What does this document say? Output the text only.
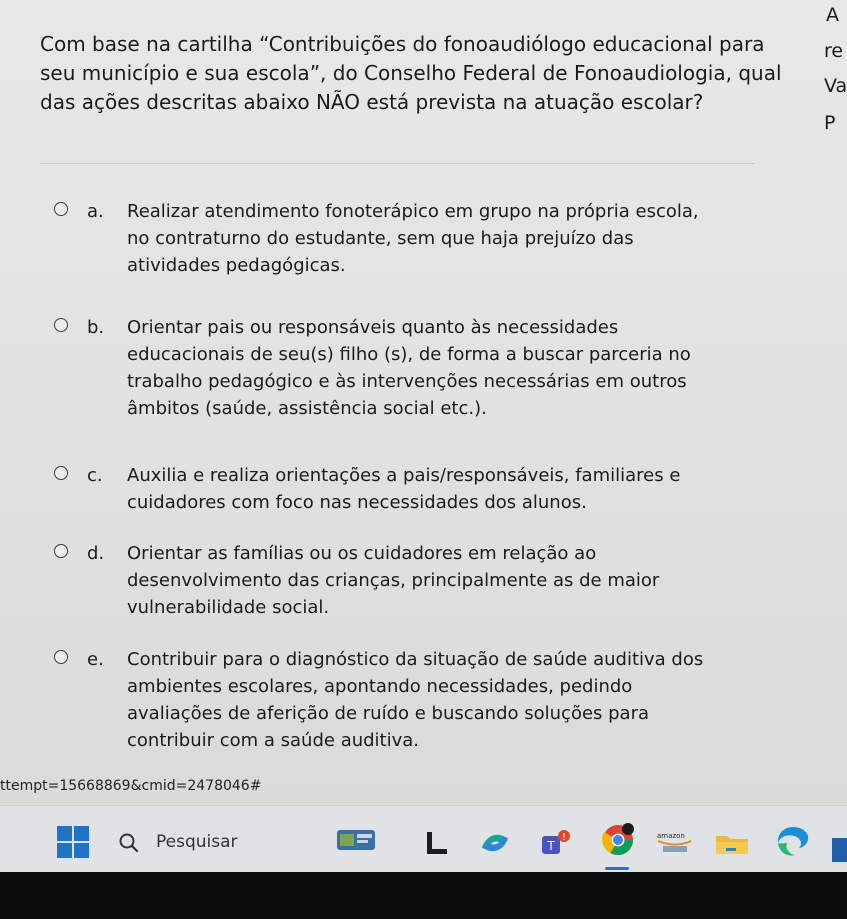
Com base na cartilha “Contribuições do fonoaudiólogo educacional para
seu município e sua escola”, do Conselho Federal de Fonoaudiologia, qual
das ações descritas abaixo NÃO está prevista na atuação escolar?
A
re
Va
P
a. Realizar atendimento fonoterápico em grupo na própria escola,
no contraturno do estudante, sem que haja prejuízo das
atividades pedagógicas.
b. Orientar pais ou responsáveis quanto às necessidades
educacionais de seu(s) filho (s), de forma a buscar parceria no
trabalho pedagógico e às intervenções necessárias em outros
âmbitos (saúde, assistência social etc.).
c. Auxilia e realiza orientações a pais/responsáveis, familiares e
cuidadores com foco nas necessidades dos alunos.
d. Orientar as famílias ou os cuidadores em relação ao
desenvolvimento das crianças, principalmente as de maior
vulnerabilidade social.
e. Contribuir para o diagnóstico da situação de saúde auditiva dos
ambientes escolares, apontando necessidades, pedindo
avaliações de aferição de ruído e buscando soluções para
contribuir com a saúde auditiva.
ttempt=15668869&cmid=2478046#
Pesquisar	T
!	amazon
